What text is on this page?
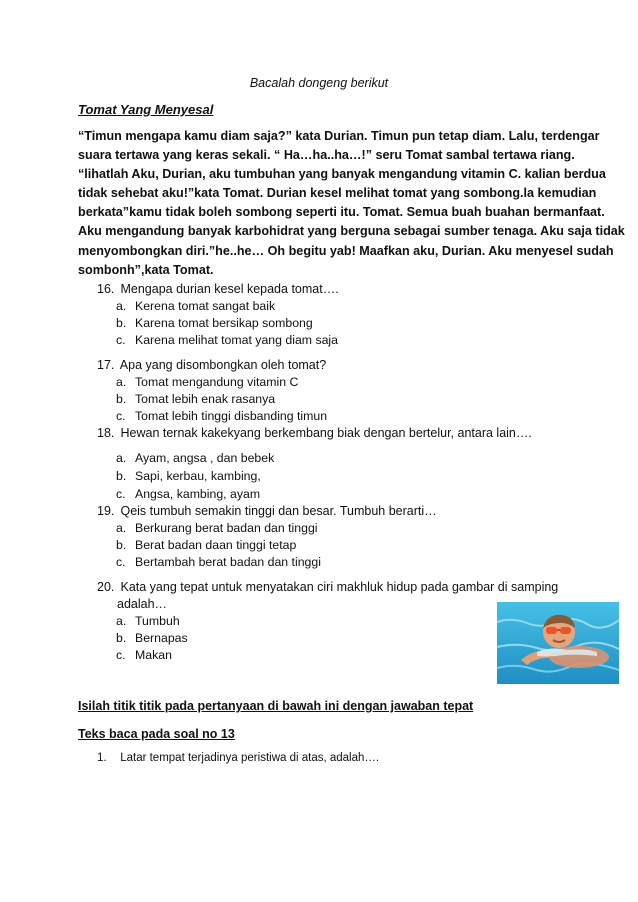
Bacalah dongeng berikut
Tomat Yang Menyesal
“Timun mengapa kamu diam saja?” kata Durian. Timun pun tetap diam. Lalu, terdengar
suara tertawa yang keras sekali. “ Ha…ha..ha…!” seru Tomat sambal tertawa riang.
“lihatlah Aku, Durian, aku tumbuhan yang banyak mengandung vitamin C. kalian berdua
tidak sehebat aku!”kata Tomat. Durian kesel melihat tomat yang sombong.la kemudian
berkata”kamu tidak boleh sombong seperti itu. Tomat. Semua buah buahan bermanfaat.
Aku mengandung banyak karbohidrat yang berguna sebagai sumber tenaga. Aku saja tidak
menyombongkan diri.”he..he… Oh begitu yab! Maafkan aku, Durian. Aku menyesel sudah
sombonh”,kata Tomat.
16. Mengapa durian kesel kepada tomat….
a. Kerena tomat sangat baik
b. Karena tomat bersikap sombong
c. Karena melihat tomat yang diam saja
17. Apa yang disombongkan oleh tomat?
a. Tomat mengandung vitamin C
b. Tomat lebih enak rasanya
c. Tomat lebih tinggi disbanding timun
18. Hewan ternak kakekyang berkembang biak dengan bertelur, antara lain….
a. Ayam, angsa , dan bebek
b. Sapi, kerbau, kambing,
c. Angsa, kambing, ayam
19. Qeis tumbuh semakin tinggi dan besar. Tumbuh berarti…
a. Berkurang berat badan dan tinggi
b. Berat badan daan tinggi tetap
c. Bertambah berat badan dan tinggi
20. Kata yang tepat untuk menyatakan ciri makhluk hidup pada gambar di samping
adalah…
a. Tumbuh
b. Bernapas
c. Makan
Isilah titik titik pada pertanyaan di bawah ini dengan jawaban tepat
Teks baca pada soal no 13
1. Latar tempat terjadinya peristiwa di atas, adalah….
